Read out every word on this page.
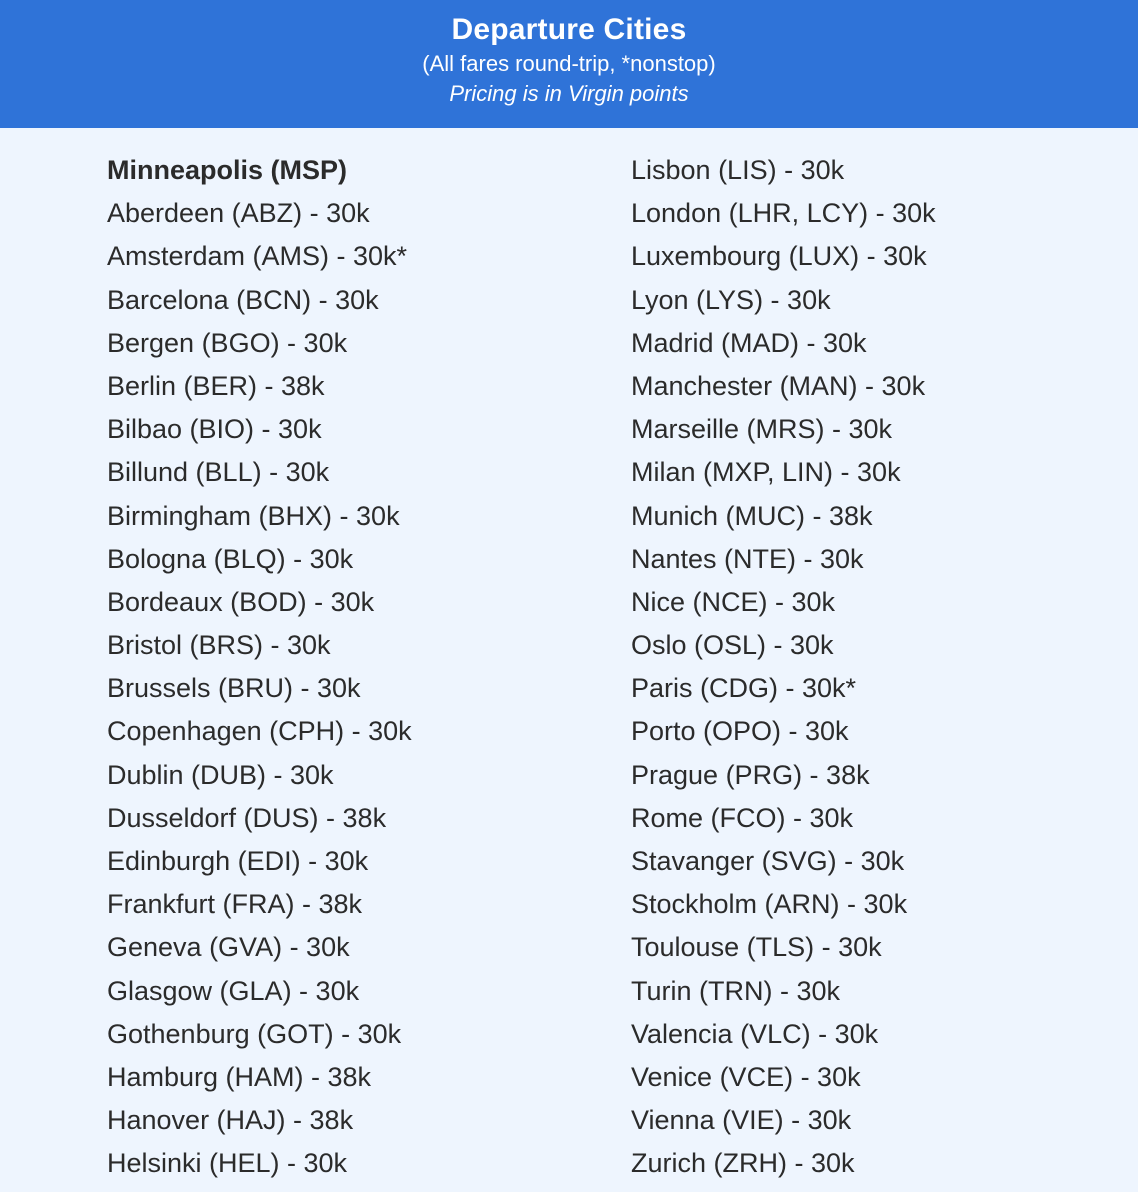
Departure Cities
(All fares round-trip, *nonstop)
Pricing is in Virgin points
Minneapolis (MSP)
Aberdeen (ABZ) - 30k
Amsterdam (AMS) - 30k*
Barcelona (BCN) - 30k
Bergen (BGO) - 30k
Berlin (BER) - 38k
Bilbao (BIO) - 30k
Billund (BLL) - 30k
Birmingham (BHX) - 30k
Bologna (BLQ) - 30k
Bordeaux (BOD) - 30k
Bristol (BRS) - 30k
Brussels (BRU) - 30k
Copenhagen (CPH) - 30k
Dublin (DUB) - 30k
Dusseldorf (DUS) - 38k
Edinburgh (EDI) - 30k
Frankfurt (FRA) - 38k
Geneva (GVA) - 30k
Glasgow (GLA) - 30k
Gothenburg (GOT) - 30k
Hamburg (HAM) - 38k
Hanover (HAJ) - 38k
Helsinki (HEL) - 30k
Lisbon (LIS) - 30k
London (LHR, LCY) - 30k
Luxembourg (LUX) - 30k
Lyon (LYS) - 30k
Madrid (MAD) - 30k
Manchester (MAN) - 30k
Marseille (MRS) - 30k
Milan (MXP, LIN) - 30k
Munich (MUC) - 38k
Nantes (NTE) - 30k
Nice (NCE) - 30k
Oslo (OSL) - 30k
Paris (CDG) - 30k*
Porto (OPO) - 30k
Prague (PRG) - 38k
Rome (FCO) - 30k
Stavanger (SVG) - 30k
Stockholm (ARN) - 30k
Toulouse (TLS) - 30k
Turin (TRN) - 30k
Valencia (VLC) - 30k
Venice (VCE) - 30k
Vienna (VIE) - 30k
Zurich (ZRH) - 30k
